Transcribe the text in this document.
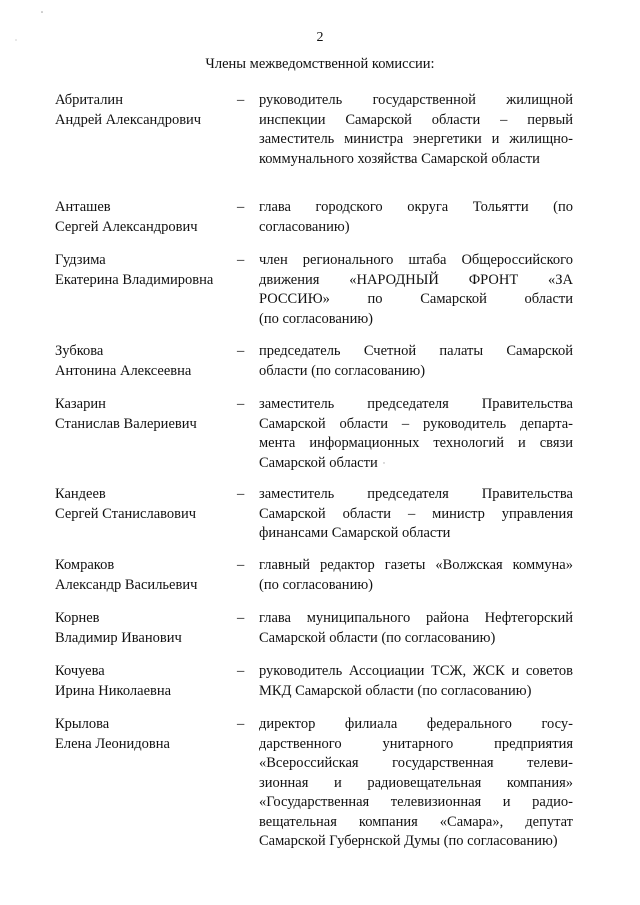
2
Члены межведомственной комиссии:
Абриталин
Андрей Александрович
–	руководитель государственной жилищной
инспекции Самарской области – первый
заместитель министра энергетики и жилищно-
коммунального хозяйства Самарской области
Анташев
Сергей Александрович
–	глава городского округа Тольятти (по
согласованию)
Гудзима
Екатерина Владимировна
–	член регионального штаба Общероссийского
движения «НАРОДНЫЙ ФРОНТ «ЗА
РОССИЮ» по Самарской области
(по согласованию)
Зубкова
Антонина Алексеевна
–	председатель Счетной палаты Самарской
области (по согласованию)
Казарин
Станислав Валериевич
–	заместитель председателя Правительства
Самарской области – руководитель департа-
мента информационных технологий и связи
Самарской области
Кандеев
Сергей Станиславович
–	заместитель председателя Правительства
Самарской области – министр управления
финансами Самарской области
Комраков
Александр Васильевич
–	главный редактор газеты «Волжская коммуна»
(по согласованию)
Корнев
Владимир Иванович
–	глава муниципального района Нефтегорский
Самарской области (по согласованию)
Кочуева
Ирина Николаевна
–	руководитель Ассоциации ТСЖ, ЖСК и советов
МКД Самарской области (по согласованию)
Крылова
Елена Леонидовна
–	директор филиала федерального госу-
дарственного унитарного предприятия
«Всероссийская государственная телеви-
зионная и радиовещательная компания»
«Государственная телевизионная и радио-
вещательная компания «Самара», депутат
Самарской Губернской Думы (по согласованию)
